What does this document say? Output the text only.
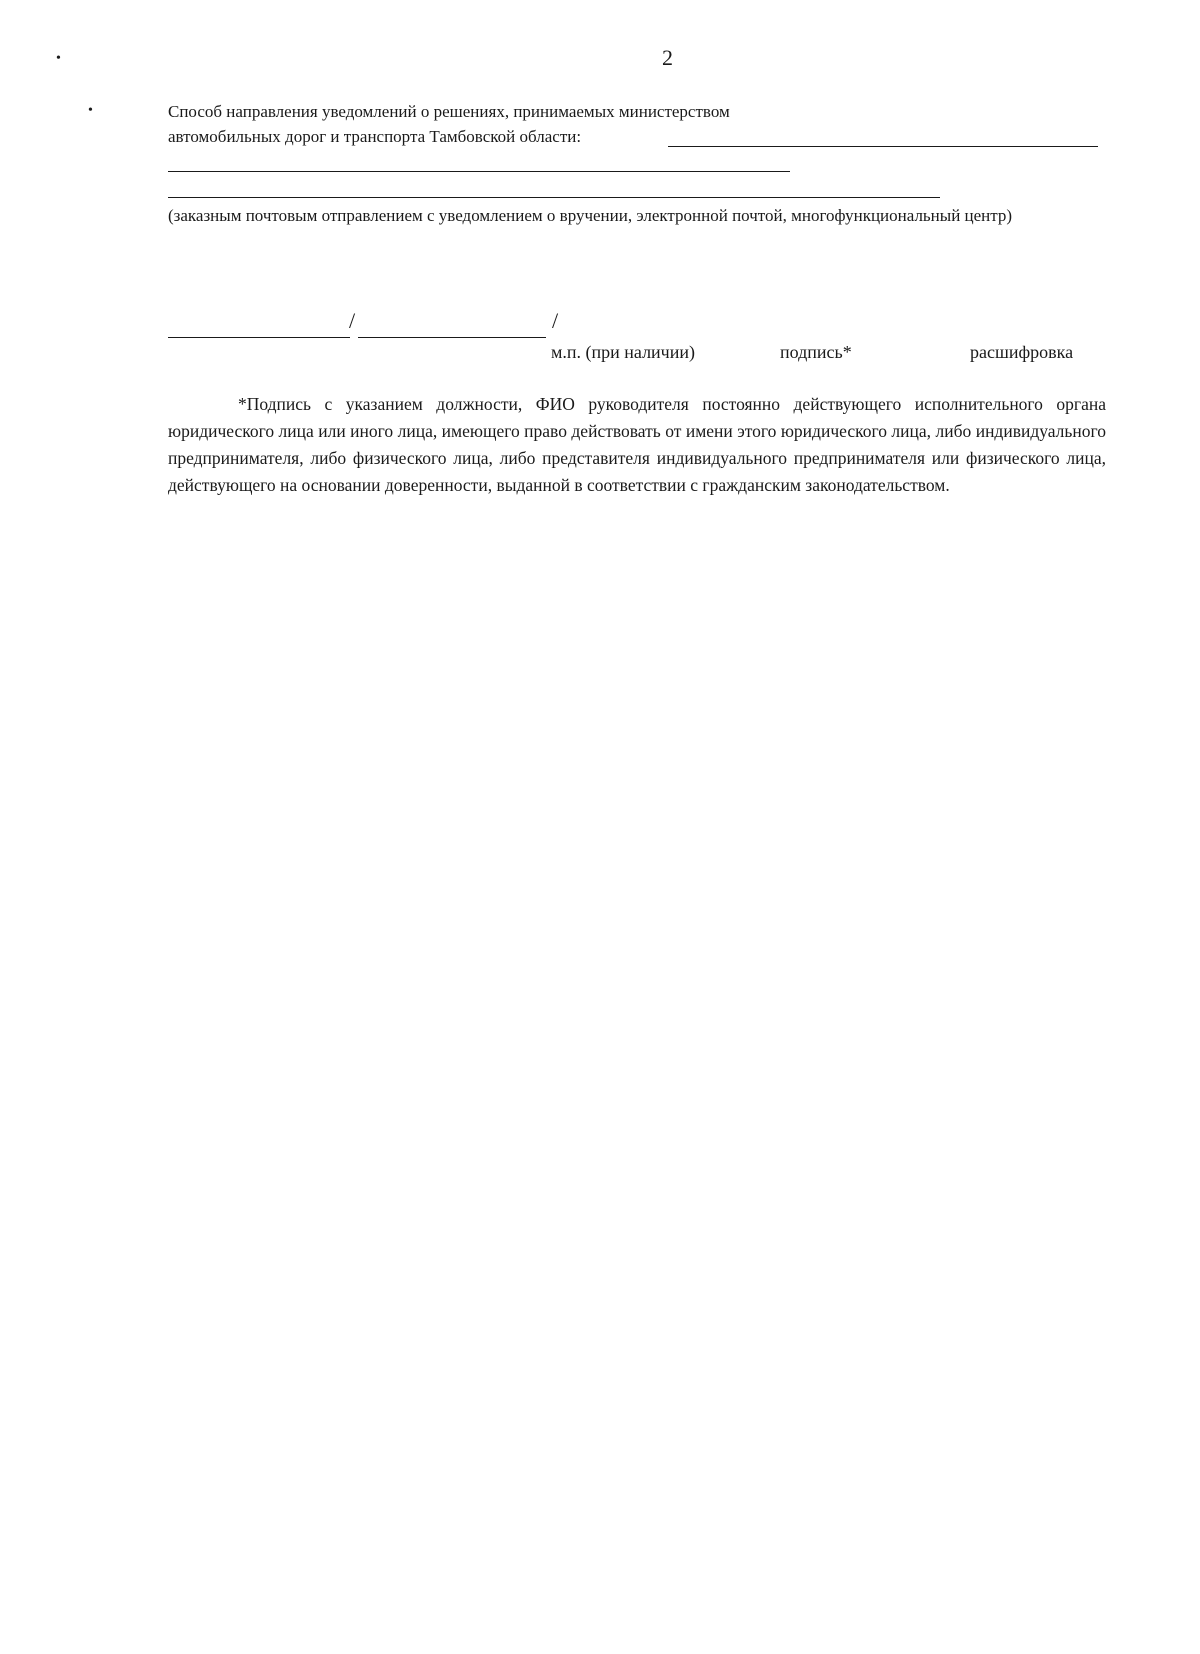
2
•
•	Способ направления уведомлений о решениях, принимаемых министерством
автомобильных дорог и транспорта Тамбовской области:
(заказным почтовым отправлением с уведомлением о вручении, электронной почтой, многофункциональный центр)
/	/
м.п. (при наличии)	подпись*	расшифровка
*Подпись с указанием должности, ФИО руководителя постоянно действующего исполнительного органа юридического лица или иного лица, имеющего право действовать от имени этого юридического лица, либо индивидуального предпринимателя, либо физического лица, либо представителя индивидуального предпринимателя или физического лица, действующего на основании доверенности, выданной в соответствии с гражданским законодательством.
